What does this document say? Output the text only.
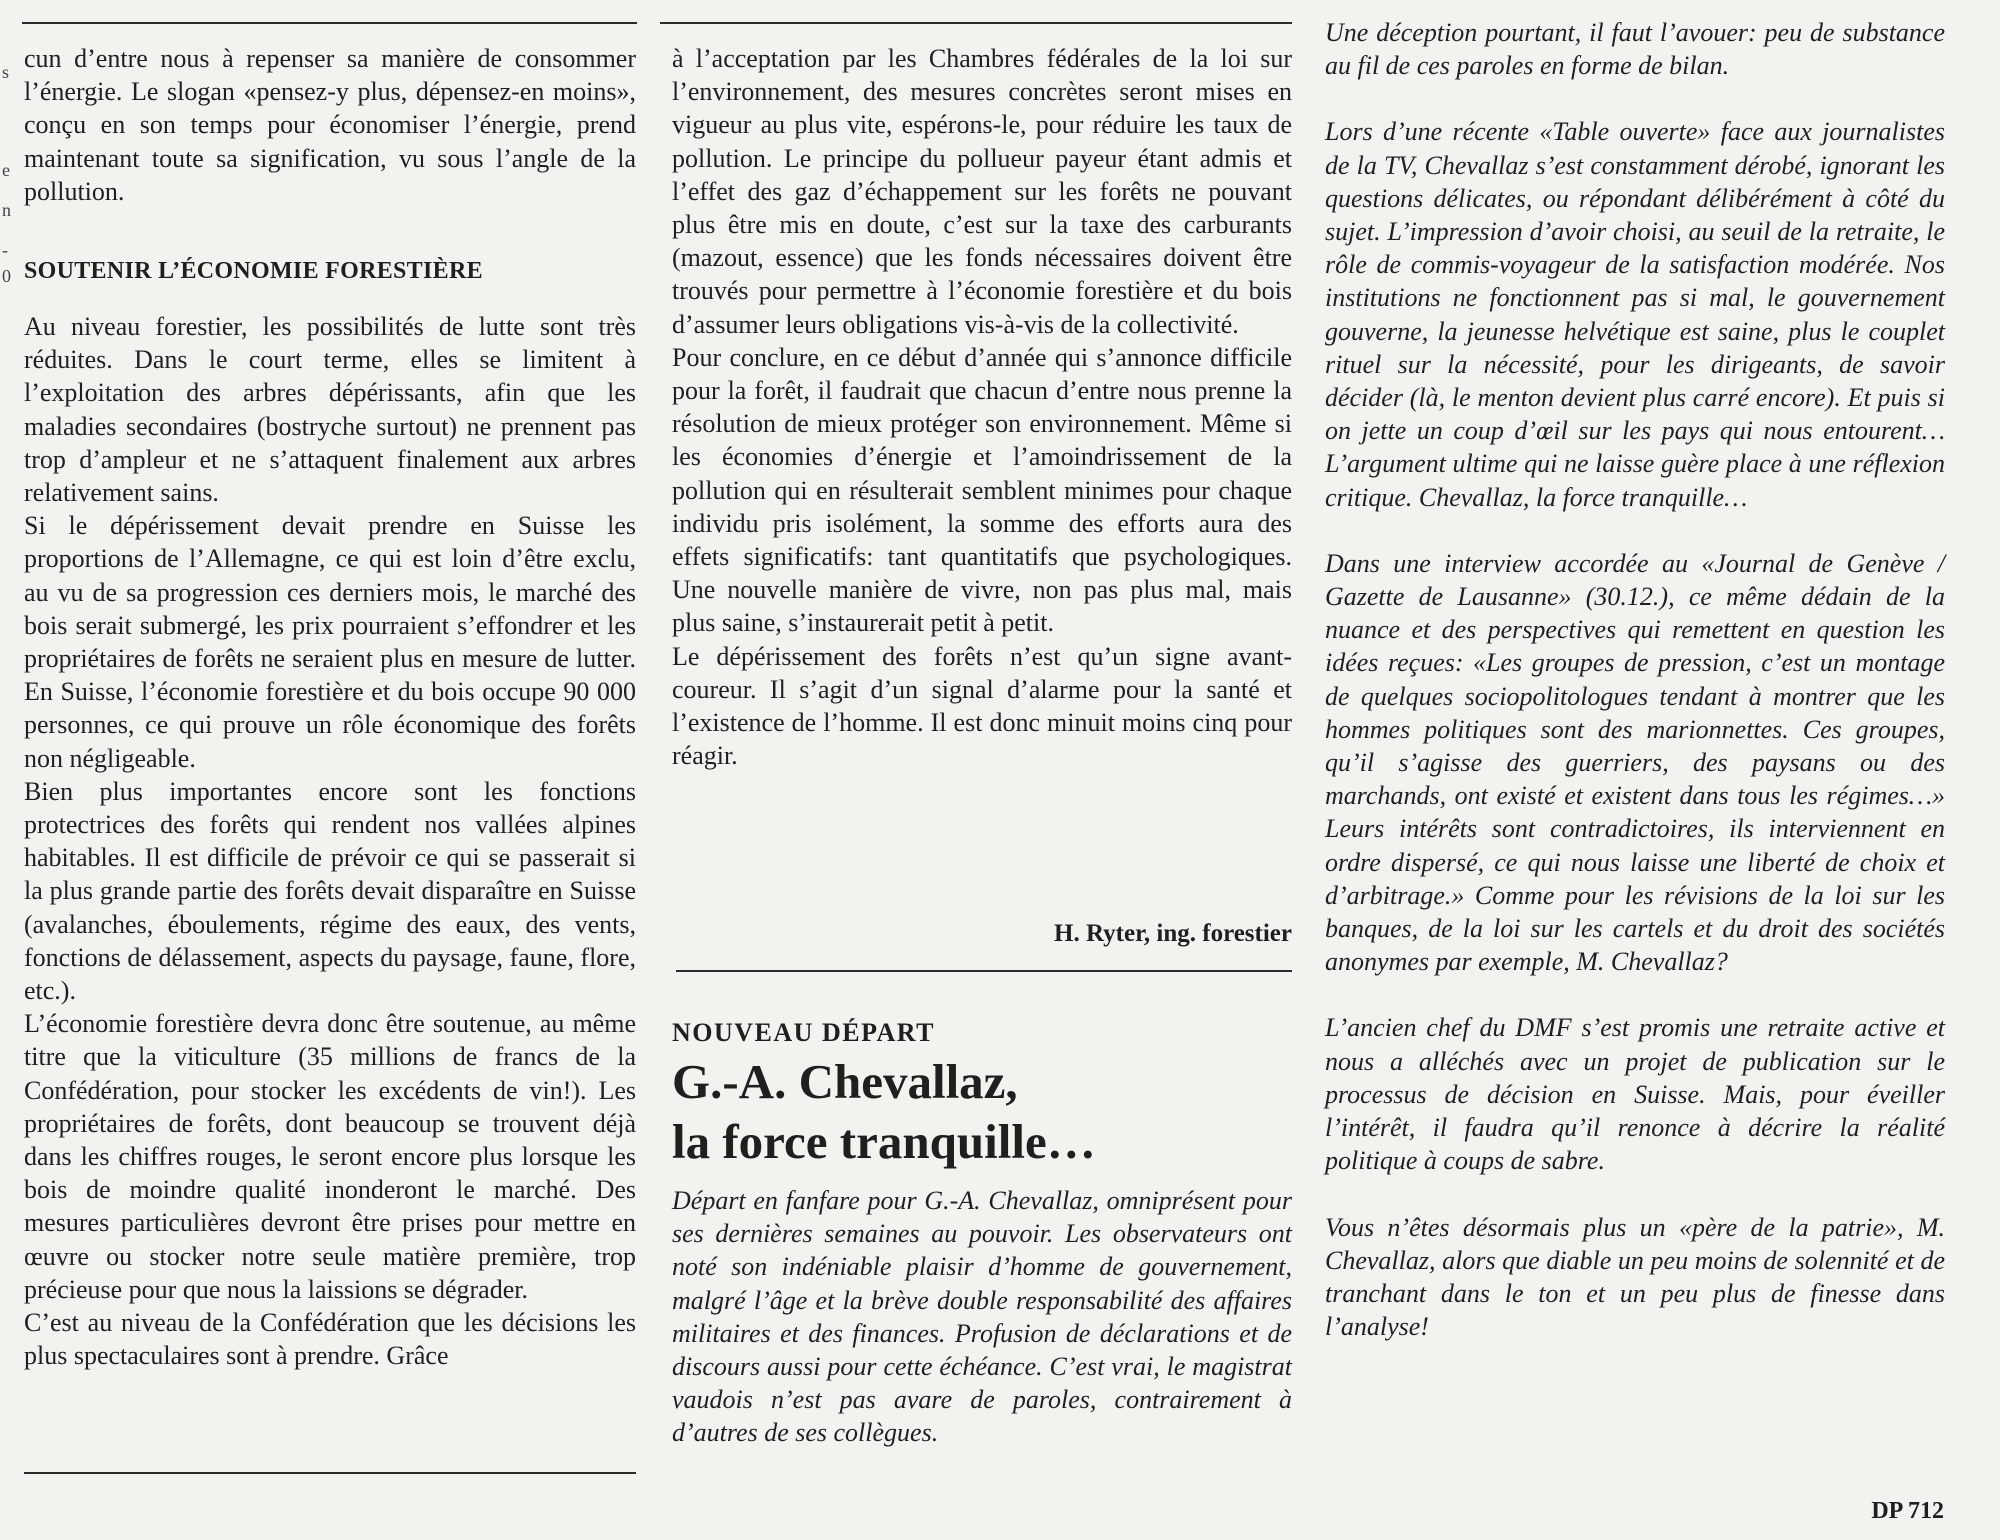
s
e
n
-
0

cun d’entre nous à repenser sa manière de consommer l’énergie. Le slogan «pensez-y plus, dépensez-en moins», conçu en son temps pour économiser l’énergie, prend maintenant toute sa signification, vu sous l’angle de la pollution.

SOUTENIR L’ÉCONOMIE FORESTIÈRE

Au niveau forestier, les possibilités de lutte sont très réduites. Dans le court terme, elles se limitent à l’exploitation des arbres dépérissants, afin que les maladies secondaires (bostryche surtout) ne prennent pas trop d’ampleur et ne s’attaquent finalement aux arbres relativement sains.

Si le dépérissement devait prendre en Suisse les proportions de l’Allemagne, ce qui est loin d’être exclu, au vu de sa progression ces derniers mois, le marché des bois serait submergé, les prix pourraient s’effondrer et les propriétaires de forêts ne seraient plus en mesure de lutter. En Suisse, l’économie forestière et du bois occupe 90 000 personnes, ce qui prouve un rôle économique des forêts non négligeable.

Bien plus importantes encore sont les fonctions protectrices des forêts qui rendent nos vallées alpines habitables. Il est difficile de prévoir ce qui se passerait si la plus grande partie des forêts devait disparaître en Suisse (avalanches, éboulements, régime des eaux, des vents, fonctions de délassement, aspects du paysage, faune, flore, etc.).

L’économie forestière devra donc être soutenue, au même titre que la viticulture (35 millions de francs de la Confédération, pour stocker les excédents de vin!). Les propriétaires de forêts, dont beaucoup se trouvent déjà dans les chiffres rouges, le seront encore plus lorsque les bois de moindre qualité inonderont le marché. Des mesures particulières devront être prises pour mettre en œuvre ou stocker notre seule matière première, trop précieuse pour que nous la laissions se dégrader.

C’est au niveau de la Confédération que les décisions les plus spectaculaires sont à prendre. Grâce

à l’acceptation par les Chambres fédérales de la loi sur l’environnement, des mesures concrètes seront mises en vigueur au plus vite, espérons-le, pour réduire les taux de pollution. Le principe du pollueur payeur étant admis et l’effet des gaz d’échappement sur les forêts ne pouvant plus être mis en doute, c’est sur la taxe des carburants (mazout, essence) que les fonds nécessaires doivent être trouvés pour permettre à l’économie forestière et du bois d’assumer leurs obligations vis-à-vis de la collectivité.

Pour conclure, en ce début d’année qui s’annonce difficile pour la forêt, il faudrait que chacun d’entre nous prenne la résolution de mieux protéger son environnement. Même si les économies d’énergie et l’amoindrissement de la pollution qui en résulterait semblent minimes pour chaque individu pris isolément, la somme des efforts aura des effets significatifs: tant quantitatifs que psychologiques. Une nouvelle manière de vivre, non pas plus mal, mais plus saine, s’instaurerait petit à petit.

Le dépérissement des forêts n’est qu’un signe avant-coureur. Il s’agit d’un signal d’alarme pour la santé et l’existence de l’homme. Il est donc minuit moins cinq pour réagir.

H. Ryter, ing. forestier
NOUVEAU DÉPART
G.-A. Chevallaz,
la force tranquille…

Départ en fanfare pour G.-A. Chevallaz, omniprésent pour ses dernières semaines au pouvoir. Les observateurs ont noté son indéniable plaisir d’homme de gouvernement, malgré l’âge et la brève double responsabilité des affaires militaires et des finances. Profusion de déclarations et de discours aussi pour cette échéance. C’est vrai, le magistrat vaudois n’est pas avare de paroles, contrairement à d’autres de ses collègues.

Une déception pourtant, il faut l’avouer: peu de substance au fil de ces paroles en forme de bilan.

Lors d’une récente «Table ouverte» face aux journalistes de la TV, Chevallaz s’est constamment dérobé, ignorant les questions délicates, ou répondant délibérément à côté du sujet. L’impression d’avoir choisi, au seuil de la retraite, le rôle de commis-voyageur de la satisfaction modérée. Nos institutions ne fonctionnent pas si mal, le gouvernement gouverne, la jeunesse helvétique est saine, plus le couplet rituel sur la nécessité, pour les dirigeants, de savoir décider (là, le menton devient plus carré encore). Et puis si on jette un coup d’œil sur les pays qui nous entourent… L’argument ultime qui ne laisse guère place à une réflexion critique. Chevallaz, la force tranquille…

Dans une interview accordée au «Journal de Genève / Gazette de Lausanne» (30.12.), ce même dédain de la nuance et des perspectives qui remettent en question les idées reçues: «Les groupes de pression, c’est un montage de quelques sociopolitologues tendant à montrer que les hommes politiques sont des marionnettes. Ces groupes, qu’il s’agisse des guerriers, des paysans ou des marchands, ont existé et existent dans tous les régimes…» Leurs intérêts sont contradictoires, ils interviennent en ordre dispersé, ce qui nous laisse une liberté de choix et d’arbitrage.» Comme pour les révisions de la loi sur les banques, de la loi sur les cartels et du droit des sociétés anonymes par exemple, M. Chevallaz?

L’ancien chef du DMF s’est promis une retraite active et nous a alléchés avec un projet de publication sur le processus de décision en Suisse. Mais, pour éveiller l’intérêt, il faudra qu’il renonce à décrire la réalité politique à coups de sabre.

Vous n’êtes désormais plus un «père de la patrie», M. Chevallaz, alors que diable un peu moins de solennité et de tranchant dans le ton et un peu plus de finesse dans l’analyse!

DP 712
